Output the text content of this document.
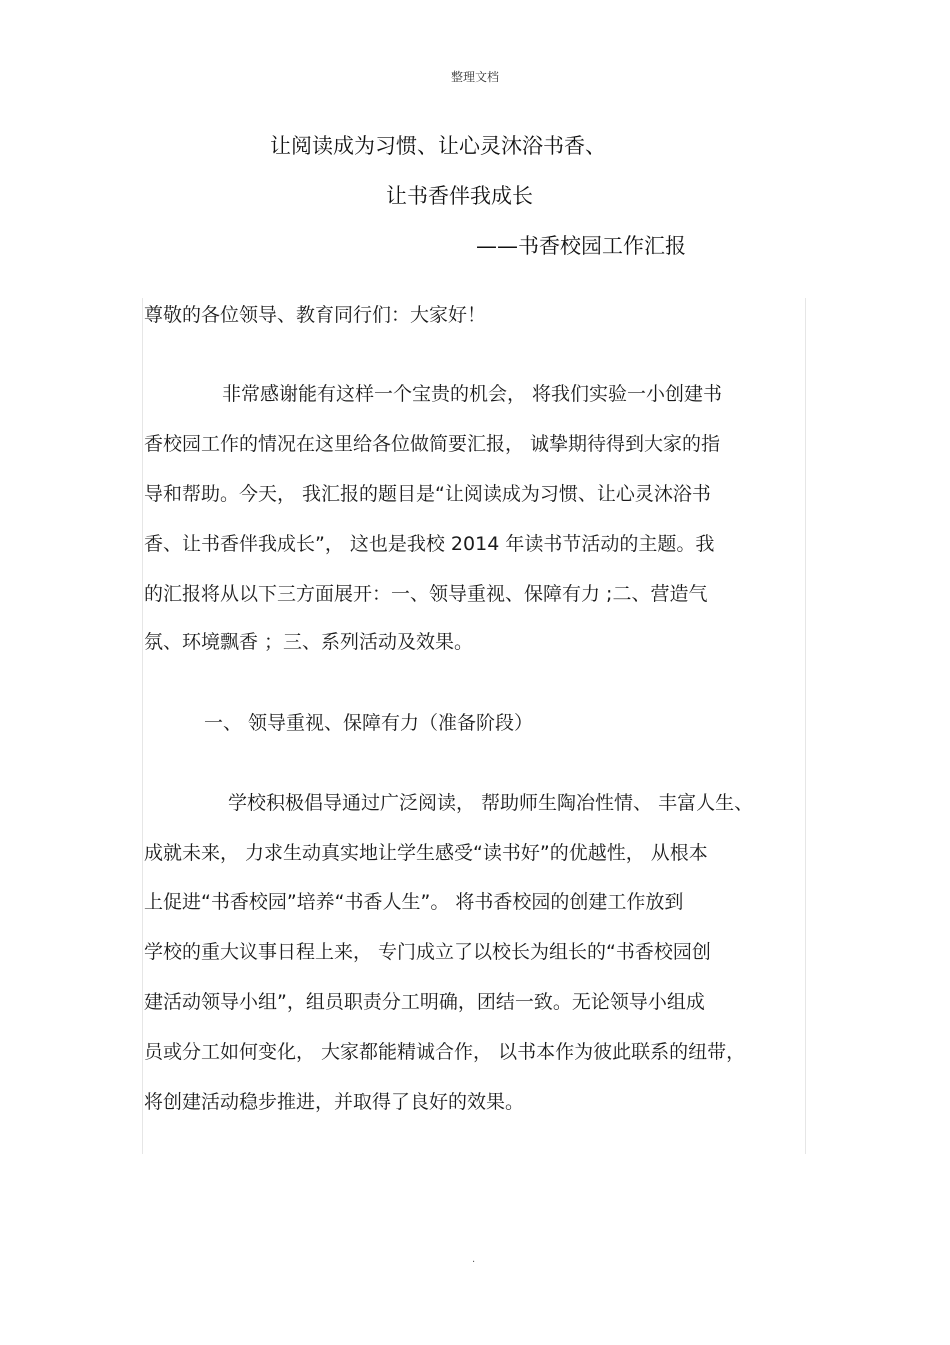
整理文档
让阅读成为习惯、让心灵沐浴书香、
让书香伴我成长
——书香校园工作汇报
尊敬的各位领导、教育同行们：大家好！
非常感谢能有这样一个宝贵的机会， 将我们实验一小创建书
香校园工作的情况在这里给各位做简要汇报， 诚挚期待得到大家的指
导和帮助。今天， 我汇报的题目是“让阅读成为习惯、让心灵沐浴书
香、让书香伴我成长”， 这也是我校 2014 年读书节活动的主题。我
的汇报将从以下三方面展开：一、领导重视、保障有力 ;二、营造气
氛、环境飘香 ；三、系列活动及效果。
一、 领导重视、保障有力（准备阶段）
学校积极倡导通过广泛阅读， 帮助师生陶冶性情、 丰富人生、
成就未来， 力求生动真实地让学生感受“读书好”的优越性， 从根本
上促进“书香校园”培养“书香人生”。 将书香校园的创建工作放到
学校的重大议事日程上来， 专门成立了以校长为组长的“书香校园创
建活动领导小组”，组员职责分工明确，团结一致。无论领导小组成
员或分工如何变化， 大家都能精诚合作， 以书本作为彼此联系的纽带，
将创建活动稳步推进，并取得了良好的效果。
.
